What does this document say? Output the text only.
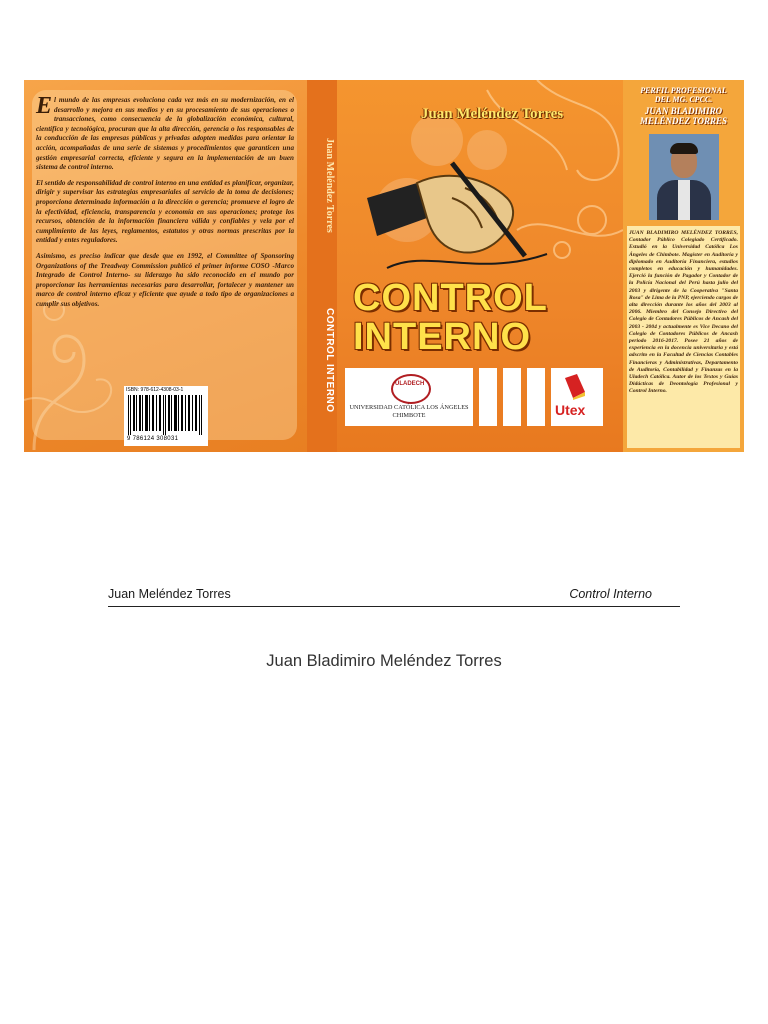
El mundo de las empresas evoluciona cada vez más en su modernización, en el desarrollo y mejora en sus medios y en su procesamiento de sus operaciones o transacciones, como consecuencia de la globalización económica, cultural, científica y tecnológica, procuran que la alta dirección, gerencia o los responsables de la conducción de las empresas públicas y privadas adopten medidas para orientar la acción, acompañadas de una serie de sistemas y procedimientos que garanticen una gestión empresarial correcta, eficiente y segura en la implementación de un buen sistema de control interno.

El sentido de responsabilidad de control interno en una entidad es planificar, organizar, dirigir y supervisar las estrategias empresariales al servicio de la toma de decisiones; proporciona determinada información a la dirección o gerencia; promueve el logro de la efectividad, eficiencia, transparencia y economía en sus operaciones; protege los recursos, obtención de la información financiera válida y confiables y vela por el cumplimiento de las leyes, reglamentos, estatutos y otras normas prescritas por la entidad y entes reguladores.

Asimismo, es preciso indicar que desde que en 1992, el Committee of Sponsoring Organizations of the Treadway Commission publicó el primer informe COSO -Marco Integrado de Control Interno- su liderazgo ha sido reconocido en el mundo por proporcionar las herramientas necesarias para desarrollar, fortalecer y mantener un marco de control interno eficaz y eficiente que ayude a todo tipo de organizaciones a cumplir sus objetivos.

ISBN: 978-612-4308-03-1
9 786124 308031
Juan Meléndez Torres
CONTROL INTERNO
Juan Meléndez Torres
CONTROL
INTERNO
ULADECH
UNIVERSIDAD CATÓLICA LOS ÁNGELES
CHIMBOTE	Utex
PERFIL PROFESIONAL
DEL MG. CPCC.
JUAN BLADIMIRO
MELÉNDEZ TORRES
JUAN BLADIMIRO MELÉNDEZ TORRES, Contador Público Colegiado Certificado. Estudió en la Universidad Católica Los Ángeles de Chimbote. Magíster en Auditoría y diplomado en Auditoría Financiera, estudios completos en educación y humanidades. Ejerció la función de Pagador y Contador de la Policía Nacional del Perú hasta julio del 2003 y dirigente de la Cooperativa "Santa Rosa" de Lima de la PNP, ejerciendo cargos de alta dirección durante los años del 2003 al 2006. Miembro del Consejo Directivo del Colegio de Contadores Públicos de Ancash del 2003 - 2004 y actualmente es Vice Decano del Colegio de Contadores Públicos de Ancash periodo 2016-2017. Posee 21 años de experiencia en la docencia universitaria y está adscrito en la Facultad de Ciencias Contables Financieras y Administrativas, Departamento de Auditoría, Contabilidad y Finanzas en la Uladech Católica. Autor de los Textos y Guías Didácticas de Deontología Profesional y Control Interno.
Juan Meléndez Torres	Control Interno
Juan Bladimiro Meléndez Torres
